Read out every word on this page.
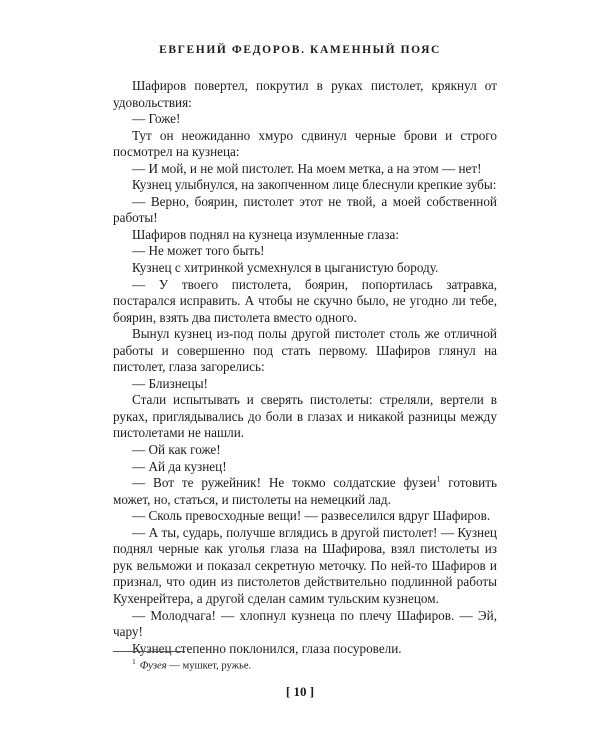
ЕВГЕНИЙ ФЕДОРОВ. КАМЕННЫЙ ПОЯС

Шафиров повертел, покрутил в руках пистолет, крякнул от удовольствия:

— Гоже!

Тут он неожиданно хмуро сдвинул черные брови и строго посмотрел на кузнеца:

— И мой, и не мой пистолет. На моем метка, а на этом — нет!

Кузнец улыбнулся, на закопченном лице блеснули крепкие зубы:

— Верно, боярин, пистолет этот не твой, а моей собственной работы!

Шафиров поднял на кузнеца изумленные глаза:

— Не может того быть!

Кузнец с хитринкой усмехнулся в цыганистую бороду.

— У твоего пистолета, боярин, попортилась затравка, постарался исправить. А чтобы не скучно было, не угодно ли тебе, боярин, взять два пистолета вместо одного.

Вынул кузнец из-под полы другой пистолет столь же отличной работы и совершенно под стать первому. Шафиров глянул на пистолет, глаза загорелись:

— Близнецы!

Стали испытывать и сверять пистолеты: стреляли, вертели в руках, приглядывались до боли в глазах и никакой разницы между пистолетами не нашли.

— Ой как гоже!

— Ай да кузнец!

— Вот те ружейник! Не токмо солдатские фузеи$^1$ готовить может, но, статься, и пистолеты на немецкий лад.

— Сколь превосходные вещи! — развеселился вдруг Шафиров.

— А ты, сударь, получше вглядись в другой пистолет! — Кузнец поднял черные как уголья глаза на Шафирова, взял пистолеты из рук вельможи и показал секретную меточку. По ней-то Шафиров и признал, что один из пистолетов действительно подлинной работы Кухенрейтера, а другой сделан самим тульским кузнецом.

— Молодчага! — хлопнул кузнеца по плечу Шафиров. — Эй, чару!

Кузнец степенно поклонился, глаза посуровели.

$^1$ Фузея — мушкет, ружье.
[ 10 ]
